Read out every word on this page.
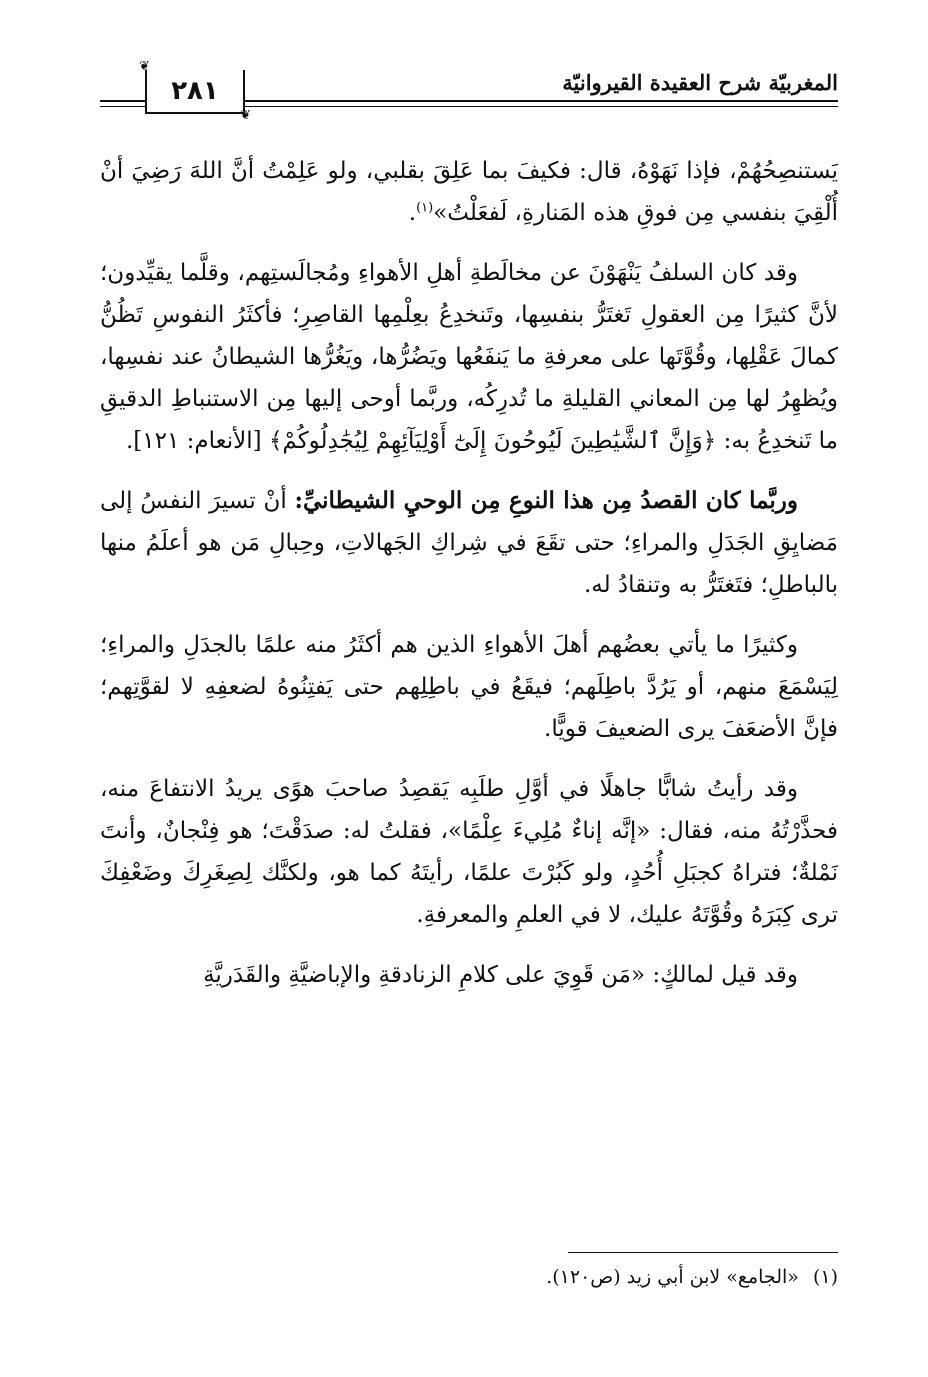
❦
٢٨١
❦
المغربيّة شرح العقيدة القيروانيّة

يَستنصِحُهُمْ، فإذا نَهَوْهُ، قال: فكيفَ بما عَلِقَ بقلبي، ولو عَلِمْتُ أنَّ اللهَ رَضِيَ أنْ أُلْقِيَ بنفسي مِن فوقِ هذه المَنارةِ، لَفعَلْتُ»$^{(١)}$.

وقد كان السلفُ يَنْهَوْنَ عن مخالَطةِ أهلِ الأهواءِ ومُجالَستِهم، وقلَّما يقيِّدون؛ لأنَّ كثيرًا مِن العقولِ تَغتَرُّ بنفسِها، وتَنخدِعُ بعِلْمِها القاصِرِ؛ فأكثَرُ النفوسِ تَظُنُّ كمالَ عَقْلِها، وقُوَّتَها على معرفةِ ما يَنفَعُها ويَضُرُّها، ويَغُرُّها الشيطانُ عند نفسِها، ويُظهِرُ لها مِن المعاني القليلةِ ما تُدرِكُه، وربَّما أوحى إليها مِن الاستنباطِ الدقيقِ ما تَنخدِعُ به: ﴿وَإِنَّ ٱلشَّيَٰطِينَ لَيُوحُونَ إِلَىٰٓ أَوْلِيَآئِهِمْ لِيُجَٰدِلُوكُمْ﴾ [الأنعام: ١٢١].

وربَّما كان القصدُ مِن هذا النوعِ مِن الوحيِ الشيطانيِّ: أنْ تسيرَ النفسُ إلى مَضايِقِ الجَدَلِ والمراءِ؛ حتى تقَعَ في شِراكِ الجَهالاتِ، وحِبالِ مَن هو أعلَمُ منها بالباطلِ؛ فتَغتَرُّ به وتنقادُ له.

وكثيرًا ما يأتي بعضُهم أهلَ الأهواءِ الذين هم أكثَرُ منه علمًا بالجدَلِ والمراءِ؛ لِيَسْمَعَ منهم، أو يَرُدَّ باطِلَهم؛ فيقَعُ في باطِلِهم حتى يَفتِنُوهُ لضعفِهِ لا لقوَّتِهم؛ فإنَّ الأضعَفَ يرى الضعيفَ قويًّا.

وقد رأيتُ شابًّا جاهلًا في أوَّلِ طلَبِه يَقصِدُ صاحبَ هوًى يريدُ الانتفاعَ منه، فحذَّرْتُهُ منه، فقال: «إنَّه إناءٌ مُلِيءَ عِلْمًا»، فقلتُ له: صدَقْتَ؛ هو فِنْجانٌ، وأنتَ نَمْلةٌ؛ فتراهُ كجبَلِ أُحُدٍ، ولو كَبُرْتَ علمًا، رأيتَهُ كما هو، ولكنَّك لِصِغَرِكَ وضَعْفِكَ ترى كِبَرَهُ وقُوَّتَهُ عليك، لا في العلمِ والمعرفةِ.

وقد قيل لمالكٍ: «مَن قَوِيَ على كلامِ الزنادقةِ والإباضيَّةِ والقَدَريَّةِ

(١)«الجامع» لابن أبي زيد (ص١٢٠).
